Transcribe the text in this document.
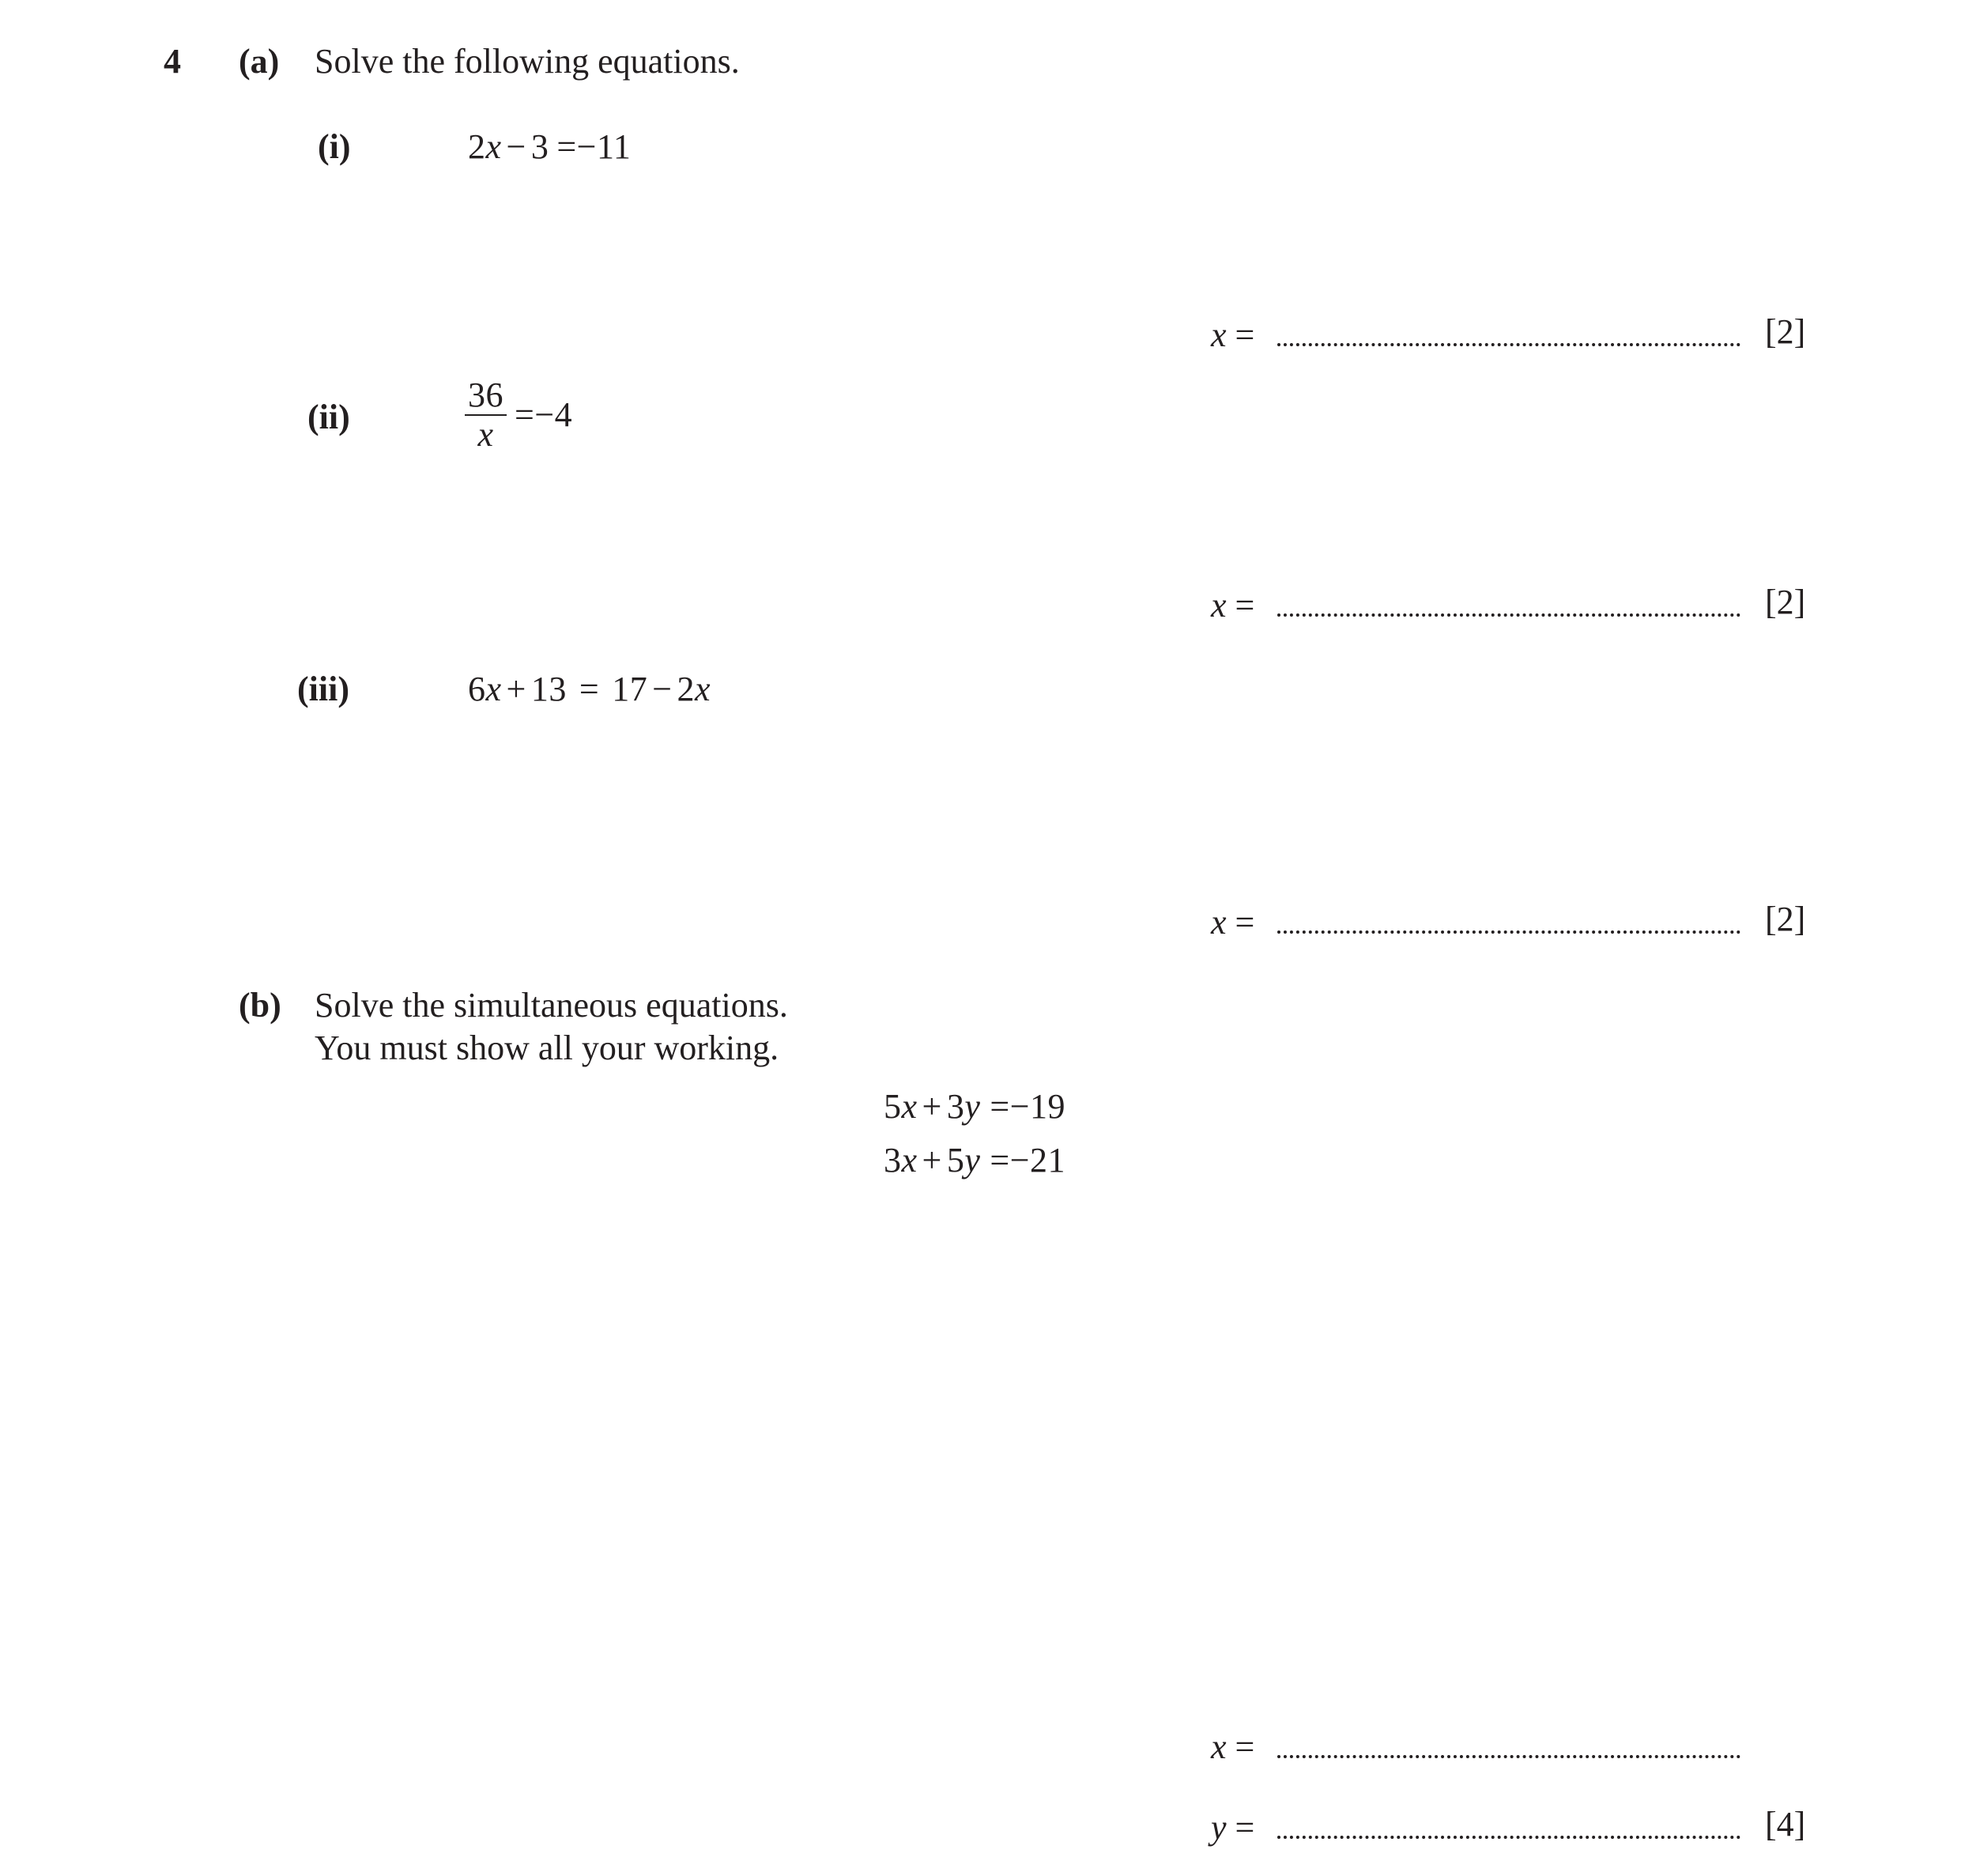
4 (a) Solve the following equations.
(i)	2x − 3 =−11
x =	[2]
(ii)	$\frac{36}{x} =-4$
x =	[2]
(iii)	6x + 13 = 17 − 2x
x =	[2]
(b) Solve the simultaneous equations.
You must show all your working.
5x + 3y =−19
3x + 5y =−21
x =
y =	[4]
